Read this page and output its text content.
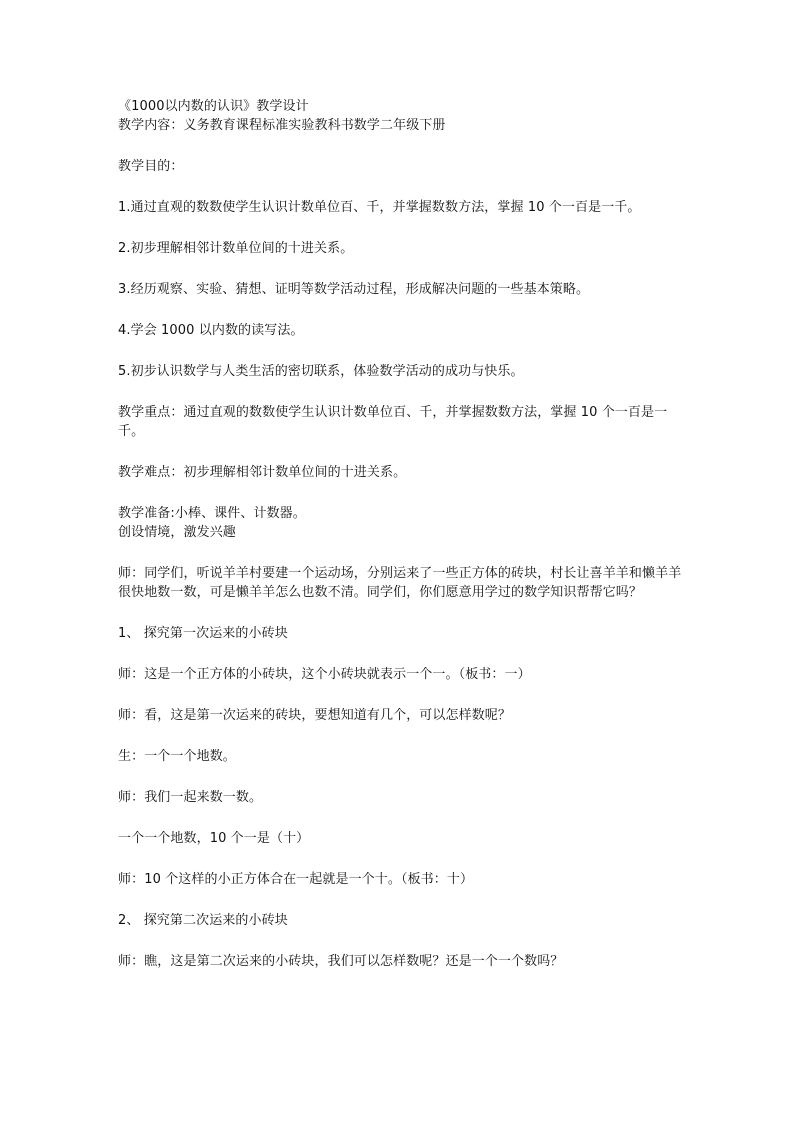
《1000以内数的认识》教学设计

教学内容：义务教育课程标准实验教科书数学二年级下册

教学目的：

1.通过直观的数数使学生认识计数单位百、千，并掌握数数方法，掌握 10 个一百是一千。

2.初步理解相邻计数单位间的十进关系。

3.经历观察、实验、猜想、证明等数学活动过程，形成解决问题的一些基本策略。

4.学会 1000 以内数的读写法。

5.初步认识数学与人类生活的密切联系，体验数学活动的成功与快乐。

教学重点：通过直观的数数使学生认识计数单位百、千，并掌握数数方法，掌握 10 个一百是一千。

教学难点：初步理解相邻计数单位间的十进关系。

教学准备:小棒、课件、计数器。

创设情境，激发兴趣

师：同学们，听说羊羊村要建一个运动场，分别运来了一些正方体的砖块，村长让喜羊羊和懒羊羊很快地数一数，可是懒羊羊怎么也数不清。同学们，你们愿意用学过的数学知识帮帮它吗？

1、 探究第一次运来的小砖块

师：这是一个正方体的小砖块，这个小砖块就表示一个一。（板书：一）

师：看，这是第一次运来的砖块，要想知道有几个，可以怎样数呢？

生：一个一个地数。

师：我们一起来数一数。

一个一个地数，10 个一是（十）

师：10 个这样的小正方体合在一起就是一个十。（板书：十）

2、 探究第二次运来的小砖块

师：瞧，这是第二次运来的小砖块，我们可以怎样数呢？还是一个一个数吗？
